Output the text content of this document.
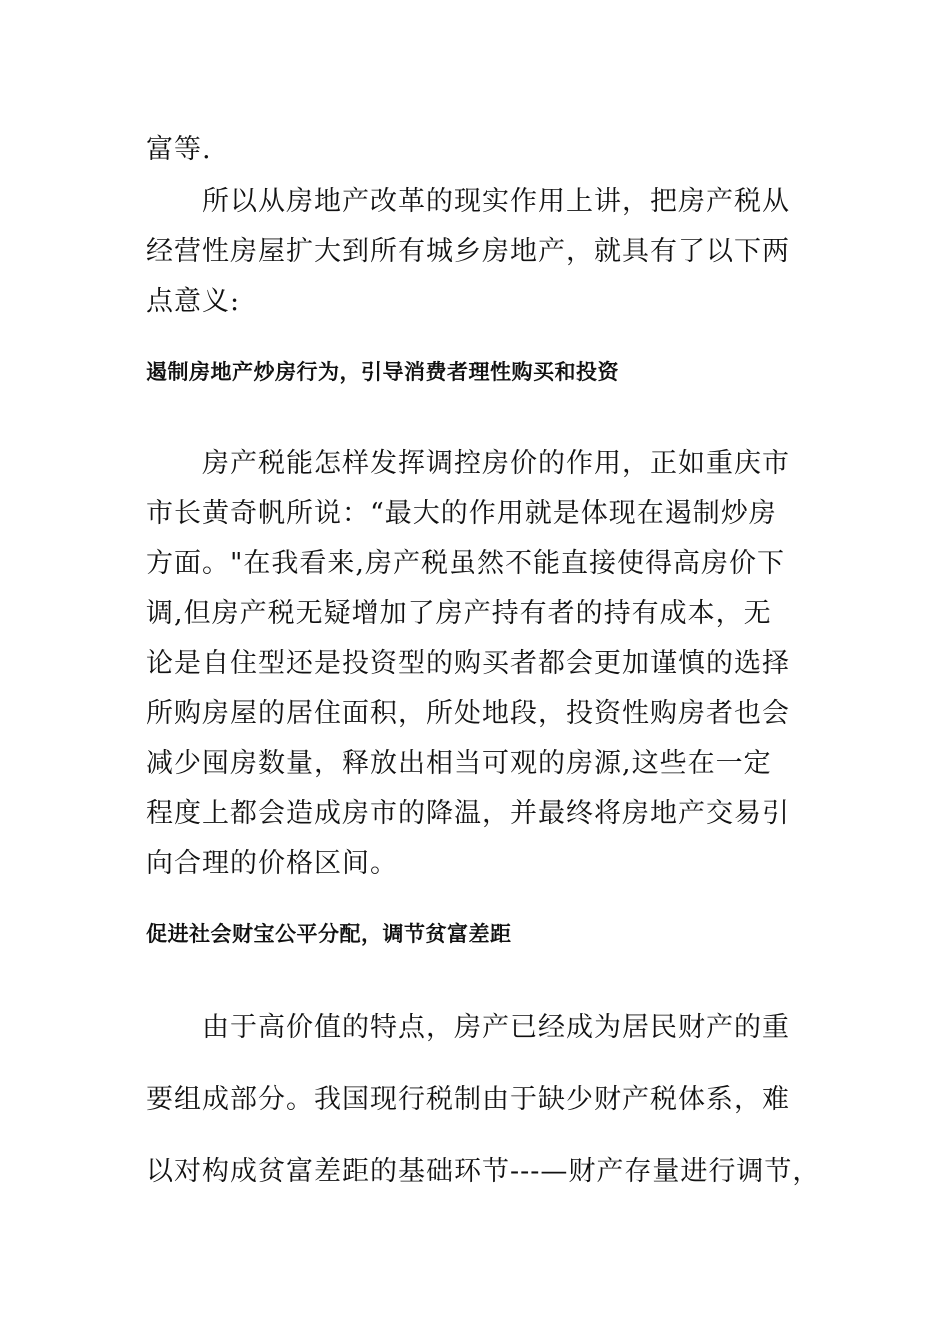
富等.
所以从房地产改革的现实作用上讲，把房产税从
经营性房屋扩大到所有城乡房地产，就具有了以下两
点意义:
遏制房地产炒房行为，引导消费者理性购买和投资
房产税能怎样发挥调控房价的作用，正如重庆市
市长黄奇帆所说：“最大的作用就是体现在遏制炒房
方面。"在我看来,房产税虽然不能直接使得高房价下
调,但房产税无疑增加了房产持有者的持有成本，无
论是自住型还是投资型的购买者都会更加谨慎的选择
所购房屋的居住面积，所处地段，投资性购房者也会
减少囤房数量，释放出相当可观的房源,这些在一定
程度上都会造成房市的降温，并最终将房地产交易引
向合理的价格区间。
促进社会财宝公平分配，调节贫富差距
由于高价值的特点，房产已经成为居民财产的重
要组成部分。我国现行税制由于缺少财产税体系，难
以对构成贫富差距的基础环节---—财产存量进行调节，
